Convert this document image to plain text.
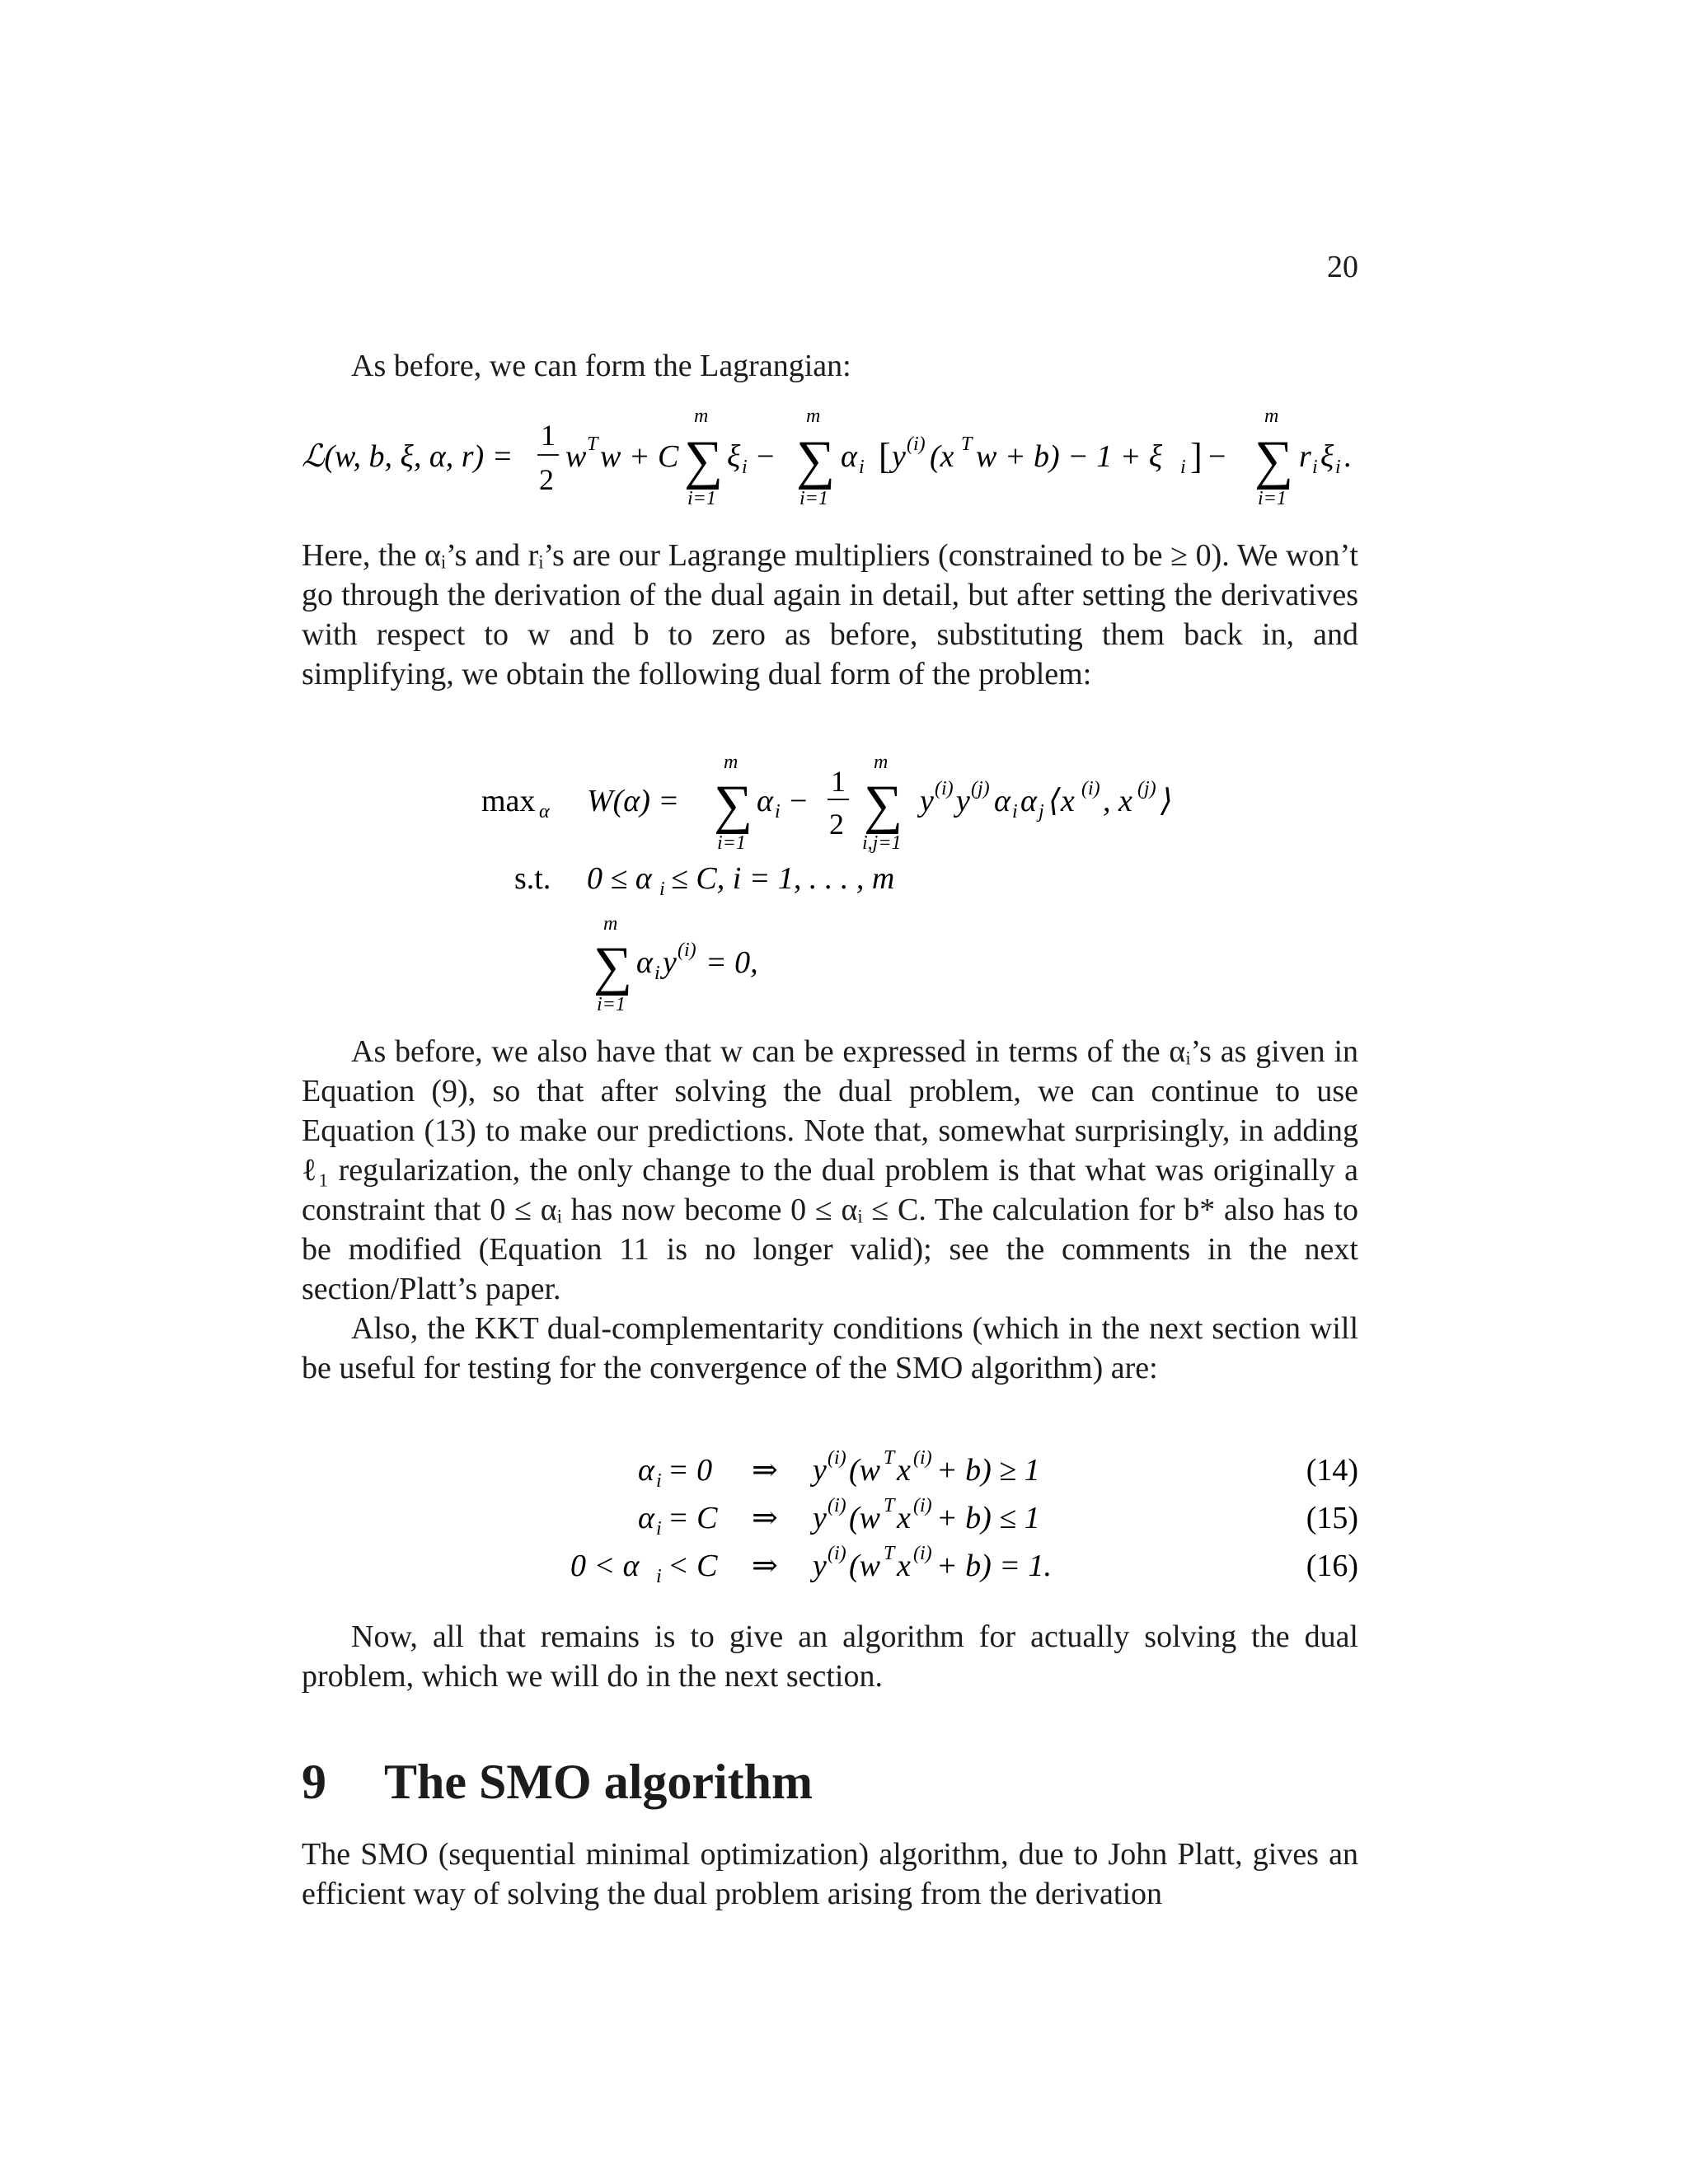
20
As before, we can form the Lagrangian:
ℒ(w, b, ξ, α, r) =
1
2
w T w + C
m
∑
i=1
ξ i −
m
∑
i=1
α i [ y (i) (x T w + b) − 1 + ξ i ] −
m
∑
i=1
r i ξ i .
Here, the αᵢ’s and rᵢ’s are our Lagrange multipliers (constrained to be ≥ 0). We won’t go through the derivation of the dual again in detail, but after setting the derivatives with respect to w and b to zero as before, substituting them back in, and simplifying, we obtain the following dual form of the problem:
max α W(α) =
m
∑
i=1
α i −
1
2
m
∑
i,j=1
y (i) y (j) α i α j ⟨x (i) , x (j) ⟩
s.t. 0 ≤ α i ≤ C, i = 1, . . . , m
m
∑
i=1
α i y (i) = 0,
As before, we also have that w can be expressed in terms of the αᵢ’s as given in Equation (9), so that after solving the dual problem, we can continue to use Equation (13) to make our predictions. Note that, somewhat surprisingly, in adding ℓ₁ regularization, the only change to the dual problem is that what was originally a constraint that 0 ≤ αᵢ has now become 0 ≤ αᵢ ≤ C. The calculation for b* also has to be modified (Equation 11 is no longer valid); see the comments in the next section/Platt’s paper.
Also, the KKT dual-complementarity conditions (which in the next section will be useful for testing for the convergence of the SMO algorithm) are:
α i = 0 ⇒ y (i) (w T x (i) + b) ≥ 1	(14)
α i = C ⇒ y (i) (w T x (i) + b) ≤ 1	(15)
0 < α i < C ⇒ y (i) (w T x (i) + b) = 1.	(16)
Now, all that remains is to give an algorithm for actually solving the dual problem, which we will do in the next section.
9 The SMO algorithm
The SMO (sequential minimal optimization) algorithm, due to John Platt, gives an efficient way of solving the dual problem arising from the derivation
